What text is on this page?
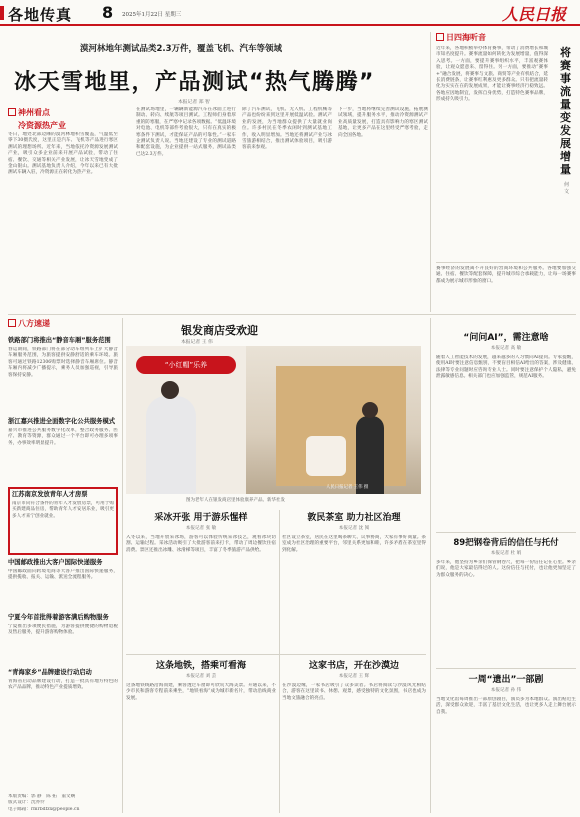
各地传真 8 2025年1月22日 星期三	人民日报
漠河林地年测试品类2.3万件，覆盖飞机、汽车等领域
冰天雪地里，产品测试“热气腾腾”
本报记者 郑 智
神州看点
冷资源热产业
冬日，地处北部边陲的漠河林地积雪覆盖，气温低至零下30摄氏度，这里正是汽车、飞机等产品进行寒区测试的理想场所。近年来，当地依托冷资源发展测试产业，吸引众多企业前来开展产品试验，带动了住宿、餐饮、交通等相关产业发展，让冰天雪地变成了金山银山。测试基地负责人介绍，今年以来已有大批测试车辆入驻，冷资源正在转化为热产业。
在测试场地里，一辆辆新能源汽车在冰面上进行制动、转向、续航等项目测试。工程师们身着厚重的防寒服，在严寒中记录各项数据。“低温环境对电池、电机等部件考验很大，只有在真实的极寒条件下测试，才能保证产品的可靠性。”一家车企测试负责人说。当地还建设了专业的测试道路和配套设施，为企业提供一站式服务，测试品类已达2.3万件。
除了汽车测试，飞机、无人机、工程机械等产品也纷纷来到这里开展低温试验。测试产业的发展，为当地群众提供了大量就业岗位。许多村民在冬季农闲时到测试基地工作，收入明显增加。当地还将测试产业与冰雪旅游相结合，推出测试体验项目，吸引游客前来参观。
下一步，当地将继续完善测试设施，拓展测试领域，提升服务水平，推动冷资源测试产业高质量发展，打造具有影响力的寒区测试基地，让更多产品在这里经受严寒考验，走向全国各地。
日四海听音
将赛事流量变发展增量
何 文
近年来，各地积极举办体育赛事，带动了消费增长和城市知名度提升。赛事流量如何转化为发展增量，值得深入思考。一方面，要提升赛事组织水平，丰富观赛体验，让观众愿意来、留得住。另一方面，要推动“赛事+”融合发展，将赛事与文旅、商贸等产业有机结合，延长消费链条，让赛事红利惠及更多群众。只有把流量转化为实实在在的发展成果，才能让赛事经济行稳致远。各地应因地制宜，发挥自身优势，打造特色赛事品牌，形成持久吸引力。
赛事经济的发展离不开良好的营商环境和公共服务。各地要加强交通、住宿、餐饮等配套保障，提升城市综合承载能力，让每一场赛事都成为展示城市形象的窗口。
八方速递
铁路部门将推出“静音车厢”服务范围
春运期间，铁路部门将在部分动车组列车上扩大静音车厢服务范围，为旅客提供安静舒适的乘车环境。旅客可通过铁路12306购票时选择静音车厢席位。静音车厢内将减少广播提示，乘务人员加强巡视，引导旅客保持安静。
浙江嘉兴推进全面数字化公共服务模式
嘉兴市推进公共服务数字化改革，整合政务服务、医疗、教育等资源，群众通过一个平台即可办理多项事务，办事效率明显提升。
江苏南京发放青年人才房票
南京市向符合条件的青年人才发放房票，可用于购买新建商品住房，帮助青年人才安居乐业，吸引更多人才来宁创业就业。
中国邮政推出大客户国际快递服务
中国邮政面向跨境电商等大客户推出国际快递服务，提供揽收、报关、运输、派送全流程服务。
宁夏今年首批得着游客满后购物服务
宁夏推出多项便民措施，为游客提供便捷的购物退税及售后服务，提升游客购物体验。
“青海家乡”品牌建设行动启动
青海省启动品牌建设行动，打造一批具有地方特色的农产品品牌，推动特色产业提质增效。
本版责编：郭 静　陈 拓　董文娴
版式设计：沈亦伶
电子邮箱：rmrbdfzx@people.cn
银发商店受欢迎
本报记者 王 伟
“小红帽”乐养
人民日报记者 王伟 摄
图为老年人在银发商店里体验康养产品。新华社发
采冰开张 用于游乐惺样
本报记者 张 敏
入冬以来，当地开放采冰场，游客可以体验传统采冰技艺，观看冰块切割、运输过程。采冰活动吸引了大批游客前来打卡，带动了周边餐饮住宿消费。景区还推出冰雕、冰滑梯等项目，丰富了冬季旅游产品供给。
敦民茶室 助力社区治理
本报记者 沈 阅
社区设立茶室，居民在这里喝茶聊天、议事协商，大家有事好商量。茶室成为社区治理的重要平台，邻里关系更加和睦，许多矛盾在茶室里得到化解。
这条地铁，搭乘可看海
本报记者 刘 芸
这条地铁线路沿海而建，乘客透过车窗即可欣赏大海美景。开通以来，不少市民和游客专程前来乘坐，“地铁看海”成为城市新名片，带动沿线商业发展。
这家书店，开在沙漠边
本报记者 王 辉
在沙漠边缘，一家书店吸引了众多读者。书店将阅读与沙漠风光相结合，游客在这里读书、休憩、观景，感受独特的文化氛围，书店也成为当地文旅融合的亮点。
“问问AI”，需注意啥
本报记者 高 敏
随着人工智能技术的发展，越来越多的人习惯向AI提问。专家提醒，使用AI时要注意信息甄别，不要盲目相信AI给出的答案，涉及健康、法律等专业问题时应咨询专业人士。同时要注意保护个人隐私，避免泄露敏感信息。相关部门也应加强监管，规范AI服务。
89把钢卷背后的信任与托付
本报记者 杜 娟
多年来，他坚持为乡亲们保管钢卷尺，把每一份信任记在心里。乡亲们说，他是大家最信得过的人。这份信任与托付，也让他更加坚定了为群众服务的决心。
一周“遗出”一部剧
本报记者 孙 伟
当地文化馆每周推出一部原创剧目，演员多为本地群众。演出贴近生活，深受群众欢迎，丰富了基层文化生活，也让更多人走上舞台展示自我。
